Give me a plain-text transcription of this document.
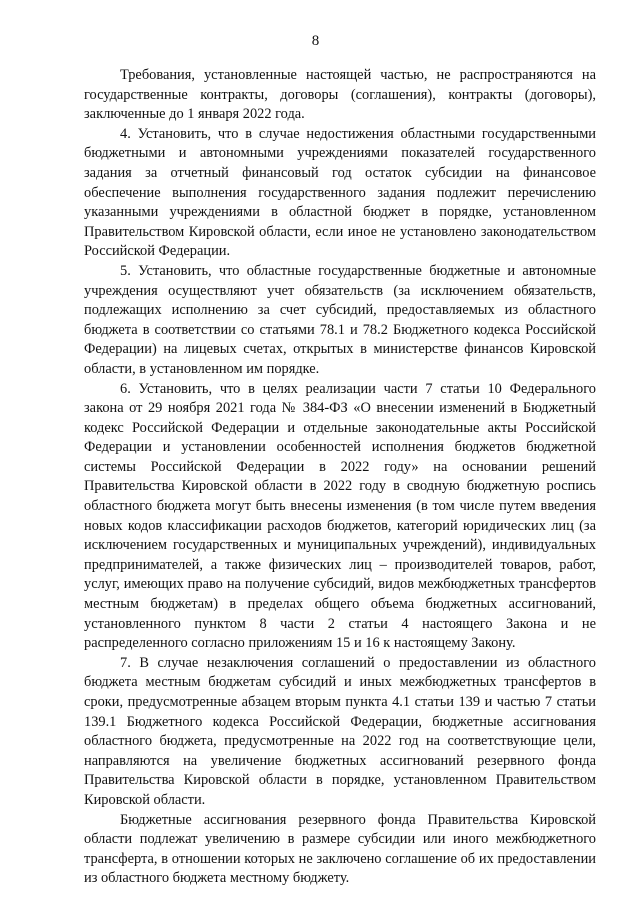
8

Требования, установленные настоящей частью, не распространяются на государственные контракты, договоры (соглашения), контракты (договоры), заключенные до 1 января 2022 года.

4. Установить, что в случае недостижения областными государственными бюджетными и автономными учреждениями показателей государственного задания за отчетный финансовый год остаток субсидии на финансовое обеспечение выполнения государственного задания подлежит перечислению указанными учреждениями в областной бюджет в порядке, установленном Правительством Кировской области, если иное не установлено законодательством Российской Федерации.

5. Установить, что областные государственные бюджетные и автономные учреждения осуществляют учет обязательств (за исключением обязательств, подлежащих исполнению за счет субсидий, предоставляемых из областного бюджета в соответствии со статьями 78.1 и 78.2 Бюджетного кодекса Российской Федерации) на лицевых счетах, открытых в министерстве финансов Кировской области, в установленном им порядке.

6. Установить, что в целях реализации части 7 статьи 10 Федерального закона от 29 ноября 2021 года № 384-ФЗ «О внесении изменений в Бюджетный кодекс Российской Федерации и отдельные законодательные акты Российской Федерации и установлении особенностей исполнения бюджетов бюджетной системы Российской Федерации в 2022 году» на основании решений Правительства Кировской области в 2022 году в сводную бюджетную роспись областного бюджета могут быть внесены изменения (в том числе путем введения новых кодов классификации расходов бюджетов, категорий юридических лиц (за исключением государственных и муниципальных учреждений), индивидуальных предпринимателей, а также физических лиц – производителей товаров, работ, услуг, имеющих право на получение субсидий, видов межбюджетных трансфертов местным бюджетам) в пределах общего объема бюджетных ассигнований, установленного пунктом 8 части 2 статьи 4 настоящего Закона и не распределенного согласно приложениям 15 и 16 к настоящему Закону.

7. В случае незаключения соглашений о предоставлении из областного бюджета местным бюджетам субсидий и иных межбюджетных трансфертов в сроки, предусмотренные абзацем вторым пункта 4.1 статьи 139 и частью 7 статьи 139.1 Бюджетного кодекса Российской Федерации, бюджетные ассигнования областного бюджета, предусмотренные на 2022 год на соответствующие цели, направляются на увеличение бюджетных ассигнований резервного фонда Правительства Кировской области в порядке, установленном Правительством Кировской области.

Бюджетные ассигнования резервного фонда Правительства Кировской области подлежат увеличению в размере субсидии или иного межбюджетного трансферта, в отношении которых не заключено соглашение об их предоставлении из областного бюджета местному бюджету.
